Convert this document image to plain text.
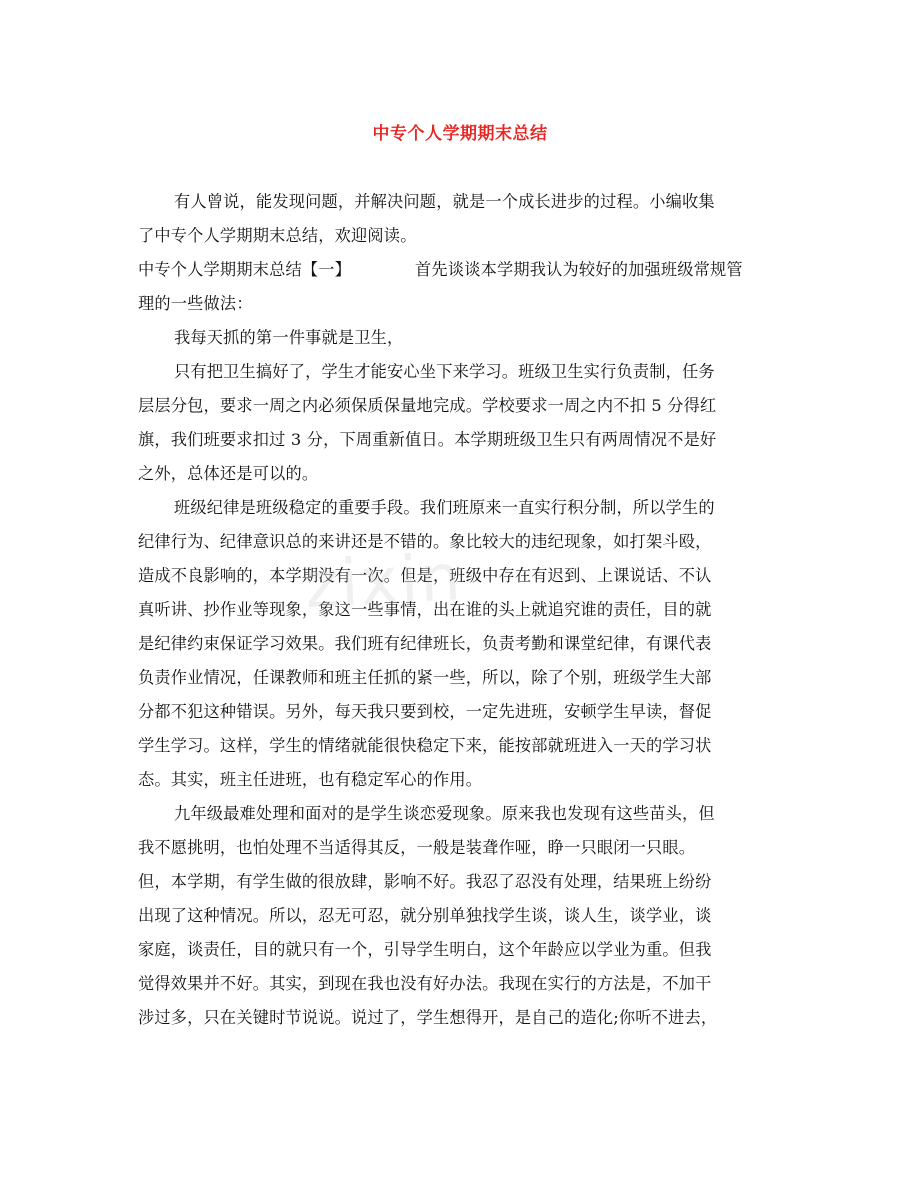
中专个人学期期末总结
有人曾说，能发现问题，并解决问题，就是一个成长进步的过程。小编收集
了中专个人学期期末总结，欢迎阅读。
中专个人学期期末总结【一】	首先谈谈本学期我认为较好的加强班级常规管
理的一些做法：
我每天抓的第一件事就是卫生，
只有把卫生搞好了，学生才能安心坐下来学习。班级卫生实行负责制，任务
层层分包，要求一周之内必须保质保量地完成。学校要求一周之内不扣 5 分得红
旗，我们班要求扣过 3 分，下周重新值日。本学期班级卫生只有两周情况不是好
之外，总体还是可以的。
班级纪律是班级稳定的重要手段。我们班原来一直实行积分制，所以学生的
纪律行为、纪律意识总的来讲还是不错的。象比较大的违纪现象，如打架斗殴，
造成不良影响的，本学期没有一次。但是，班级中存在有迟到、上课说话、不认
真听讲、抄作业等现象，象这一些事情，出在谁的头上就追究谁的责任，目的就
是纪律约束保证学习效果。我们班有纪律班长，负责考勤和课堂纪律，有课代表
负责作业情况，任课教师和班主任抓的紧一些，所以，除了个别，班级学生大部
分都不犯这种错误。另外，每天我只要到校，一定先进班，安顿学生早读，督促
学生学习。这样，学生的情绪就能很快稳定下来，能按部就班进入一天的学习状
态。其实，班主任进班，也有稳定军心的作用。
九年级最难处理和面对的是学生谈恋爱现象。原来我也发现有这些苗头，但
我不愿挑明，也怕处理不当适得其反，一般是装聋作哑，睁一只眼闭一只眼。
但，本学期，有学生做的很放肆，影响不好。我忍了忍没有处理，结果班上纷纷
出现了这种情况。所以，忍无可忍，就分别单独找学生谈，谈人生，谈学业，谈
家庭，谈责任，目的就只有一个，引导学生明白，这个年龄应以学业为重。但我
觉得效果并不好。其实，到现在我也没有好办法。我现在实行的方法是，不加干
涉过多，只在关键时节说说。说过了，学生想得开，是自己的造化;你听不进去，
zixin
